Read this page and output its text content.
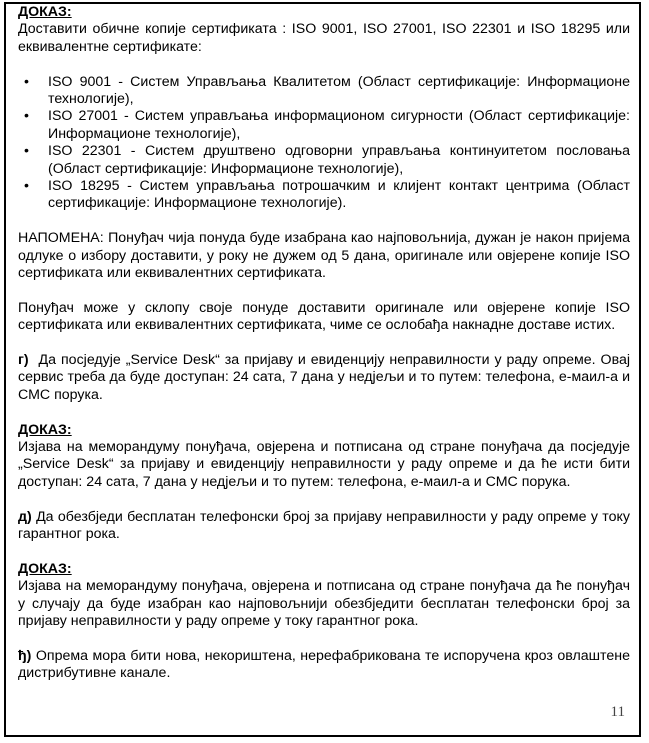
ДОКАЗ:

Доставити обичне копије сертификата : ISO 9001, ISO 27001, ISO 22301 и ISO 18295 или еквивалентне сертификате:

• ISO 9001 - Систем Управљања Квалитетом (Област сертификације: Информационе технологије),
• ISO 27001 - Систем управљања информационом сигурности (Област сертификације: Информационе технологије),
• ISO 22301 - Систем друштвено одговорни управљања континуитетом пословања (Област сертификације: Информационе технологије),
• ISO 18295 - Систем управљања потрошачким и клијент контакт центрима (Област сертификације: Информационе технологије).

НАПОМЕНА: Понуђач чија понуда буде изабрана као најповољнија, дужан је након пријема одлуке о избору доставити, у року не дужем од 5 дана, оригинале или овјерене копије ISO сертификата или еквивалентних сертификата.

Понуђач може у склопу своје понуде доставити оригинале или овјерене копије ISO сертификата или еквивалентних сертификата, чиме се ослобађа накнадне доставе истих.

г) Да посједује „Service Desk“ за пријаву и евиденцију неправилности у раду опреме. Овај сервис треба да буде доступан: 24 сата, 7 дана у недјељи и то путем: телефона, е-маил-а и СМС порука.

ДОКАЗ:

Изјава на меморандуму понуђача, овјерена и потписана од стране понуђача да посједује „Service Desk“ за пријаву и евиденцију неправилности у раду опреме и да ће исти бити доступан: 24 сата, 7 дана у недјељи и то путем: телефона, е-маил-а и СМС порука.

д) Да обезбједи бесплатан телефонски број за пријаву неправилности у раду опреме у току гарантног рока.

ДОКАЗ:

Изјава на меморандуму понуђача, овјерена и потписана од стране понуђача да ће понуђач у случају да буде изабран као најповољнији обезбједити бесплатан телефонски број за пријаву неправилности у раду опреме у току гарантног рока.

ђ) Опрема мора бити нова, некориштена, нерефабрикована те испоручена кроз овлаштене дистрибутивне канале.

11
